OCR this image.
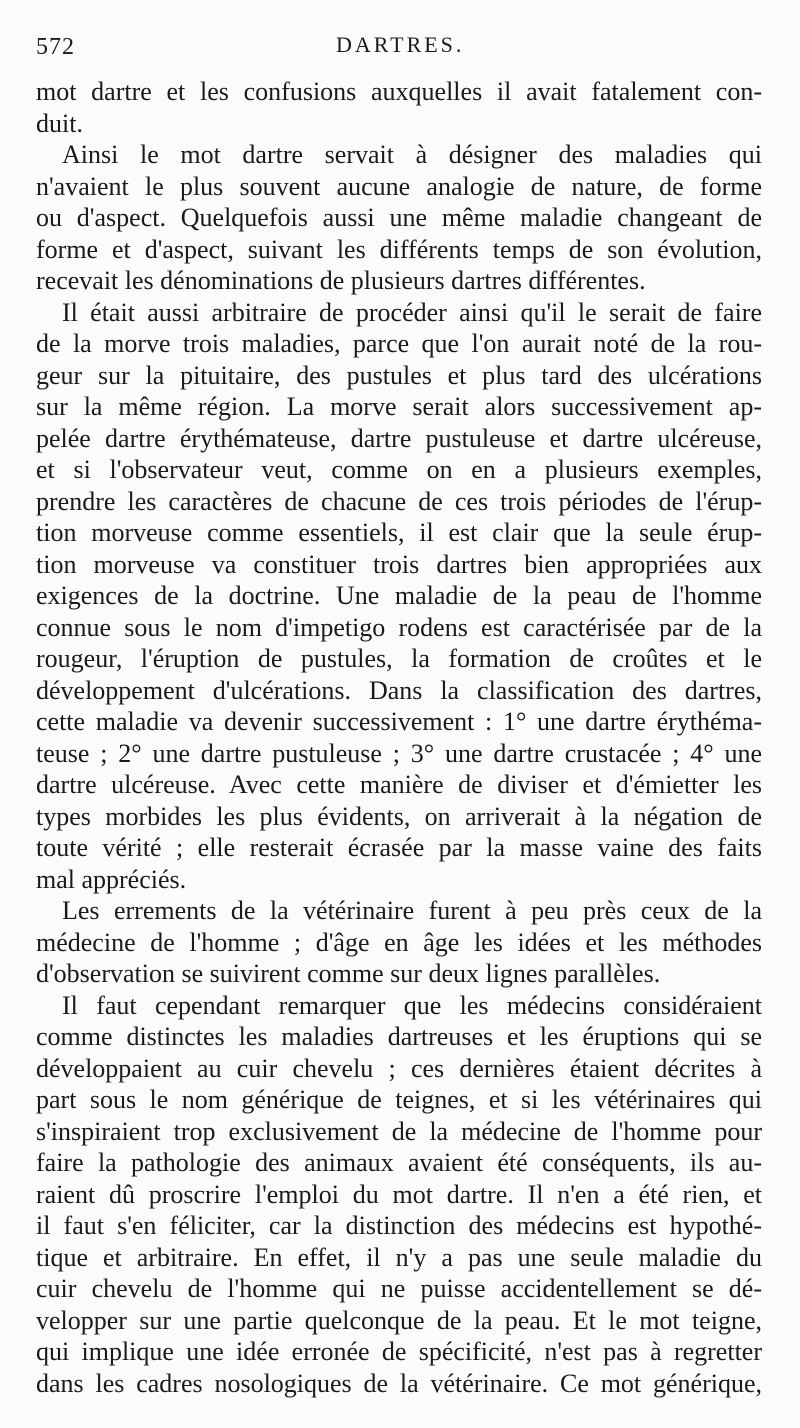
572	DARTRES.
mot dartre et les confusions auxquelles il avait fatalement con-
duit.
Ainsi le mot dartre servait à désigner des maladies qui
n'avaient le plus souvent aucune analogie de nature, de forme
ou d'aspect. Quelquefois aussi une même maladie changeant de
forme et d'aspect, suivant les différents temps de son évolution,
recevait les dénominations de plusieurs dartres différentes.
Il était aussi arbitraire de procéder ainsi qu'il le serait de faire
de la morve trois maladies, parce que l'on aurait noté de la rou-
geur sur la pituitaire, des pustules et plus tard des ulcérations
sur la même région. La morve serait alors successivement ap-
pelée dartre érythémateuse, dartre pustuleuse et dartre ulcéreuse,
et si l'observateur veut, comme on en a plusieurs exemples,
prendre les caractères de chacune de ces trois périodes de l'érup-
tion morveuse comme essentiels, il est clair que la seule érup-
tion morveuse va constituer trois dartres bien appropriées aux
exigences de la doctrine. Une maladie de la peau de l'homme
connue sous le nom d'impetigo rodens est caractérisée par de la
rougeur, l'éruption de pustules, la formation de croûtes et le
développement d'ulcérations. Dans la classification des dartres,
cette maladie va devenir successivement : 1° une dartre érythéma-
teuse ; 2° une dartre pustuleuse ; 3° une dartre crustacée ; 4° une
dartre ulcéreuse. Avec cette manière de diviser et d'émietter les
types morbides les plus évidents, on arriverait à la négation de
toute vérité ; elle resterait écrasée par la masse vaine des faits
mal appréciés.
Les errements de la vétérinaire furent à peu près ceux de la
médecine de l'homme ; d'âge en âge les idées et les méthodes
d'observation se suivirent comme sur deux lignes parallèles.
Il faut cependant remarquer que les médecins considéraient
comme distinctes les maladies dartreuses et les éruptions qui se
développaient au cuir chevelu ; ces dernières étaient décrites à
part sous le nom générique de teignes, et si les vétérinaires qui
s'inspiraient trop exclusivement de la médecine de l'homme pour
faire la pathologie des animaux avaient été conséquents, ils au-
raient dû proscrire l'emploi du mot dartre. Il n'en a été rien, et
il faut s'en féliciter, car la distinction des médecins est hypothé-
tique et arbitraire. En effet, il n'y a pas une seule maladie du
cuir chevelu de l'homme qui ne puisse accidentellement se dé-
velopper sur une partie quelconque de la peau. Et le mot teigne,
qui implique une idée erronée de spécificité, n'est pas à regretter
dans les cadres nosologiques de la vétérinaire. Ce mot générique,
